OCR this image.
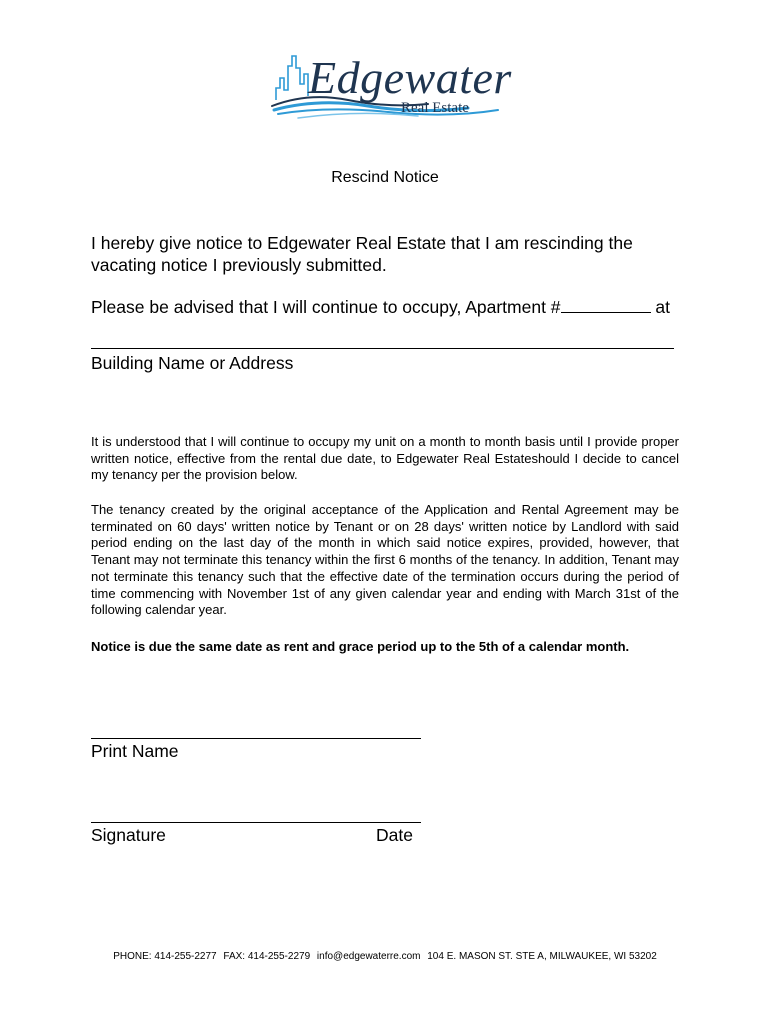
Edgewater
Real Estate
Rescind Notice
I hereby give notice to Edgewater Real Estate that I am rescinding the vacating notice I previously submitted.
Please be advised that I will continue to occupy, Apartment #	at
Building Name or Address
It is understood that I will continue to occupy my unit on a month to month basis until I provide proper written notice, effective from the rental due date, to Edgewater Real Estateshould I decide to cancel my tenancy per the provision below.
The tenancy created by the original acceptance of the Application and Rental Agreement may be terminated on 60 days' written notice by Tenant or on 28 days' written notice by Landlord with said period ending on the last day of the month in which said notice expires, provided, however, that Tenant may not terminate this tenancy within the first 6 months of the tenancy. In addition, Tenant may not terminate this tenancy such that the effective date of the termination occurs during the period of time commencing with November 1st of any given calendar year and ending with March 31st of the following calendar year.
Notice is due the same date as rent and grace period up to the 5th of a calendar month.
Print Name
Signature	Date
PHONE: 414-255-2277 FAX: 414-255-2279 info@edgewaterre.com 104 E. MASON ST. STE A, MILWAUKEE, WI 53202
